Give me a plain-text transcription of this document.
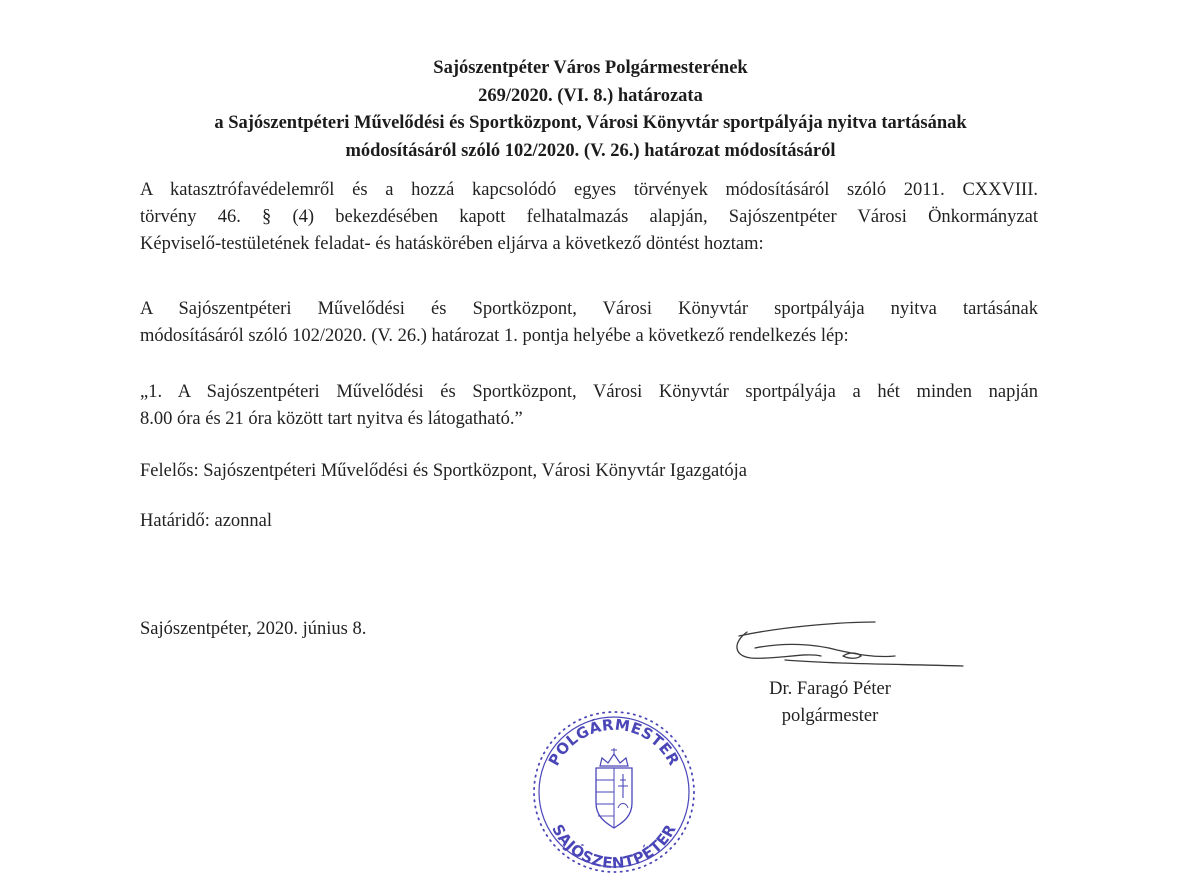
Sajószentpéter Város Polgármesterének
269/2020. (VI. 8.) határozata
a Sajószentpéteri Művelődési és Sportközpont, Városi Könyvtár sportpályája nyitva tartásának
módosításáról szóló 102/2020. (V. 26.) határozat módosításáról
A katasztrófavédelemről és a hozzá kapcsolódó egyes törvények módosításáról szóló 2011. CXXVIII.
törvény 46. § (4) bekezdésében kapott felhatalmazás alapján, Sajószentpéter Városi Önkormányzat
Képviselő-testületének feladat- és hatáskörében eljárva a következő döntést hoztam:
A Sajószentpéteri Művelődési és Sportközpont, Városi Könyvtár sportpályája nyitva tartásának
módosításáról szóló 102/2020. (V. 26.) határozat 1. pontja helyébe a következő rendelkezés lép:
„1. A Sajószentpéteri Művelődési és Sportközpont, Városi Könyvtár sportpályája a hét minden napján
8.00 óra és 21 óra között tart nyitva és látogatható.”
Felelős: Sajószentpéteri Művelődési és Sportközpont, Városi Könyvtár Igazgatója
Határidő: azonnal
Sajószentpéter, 2020. június 8.
Dr. Faragó Péter
polgármester
POLGÁRMESTER
SAJÓSZENTPÉTER
